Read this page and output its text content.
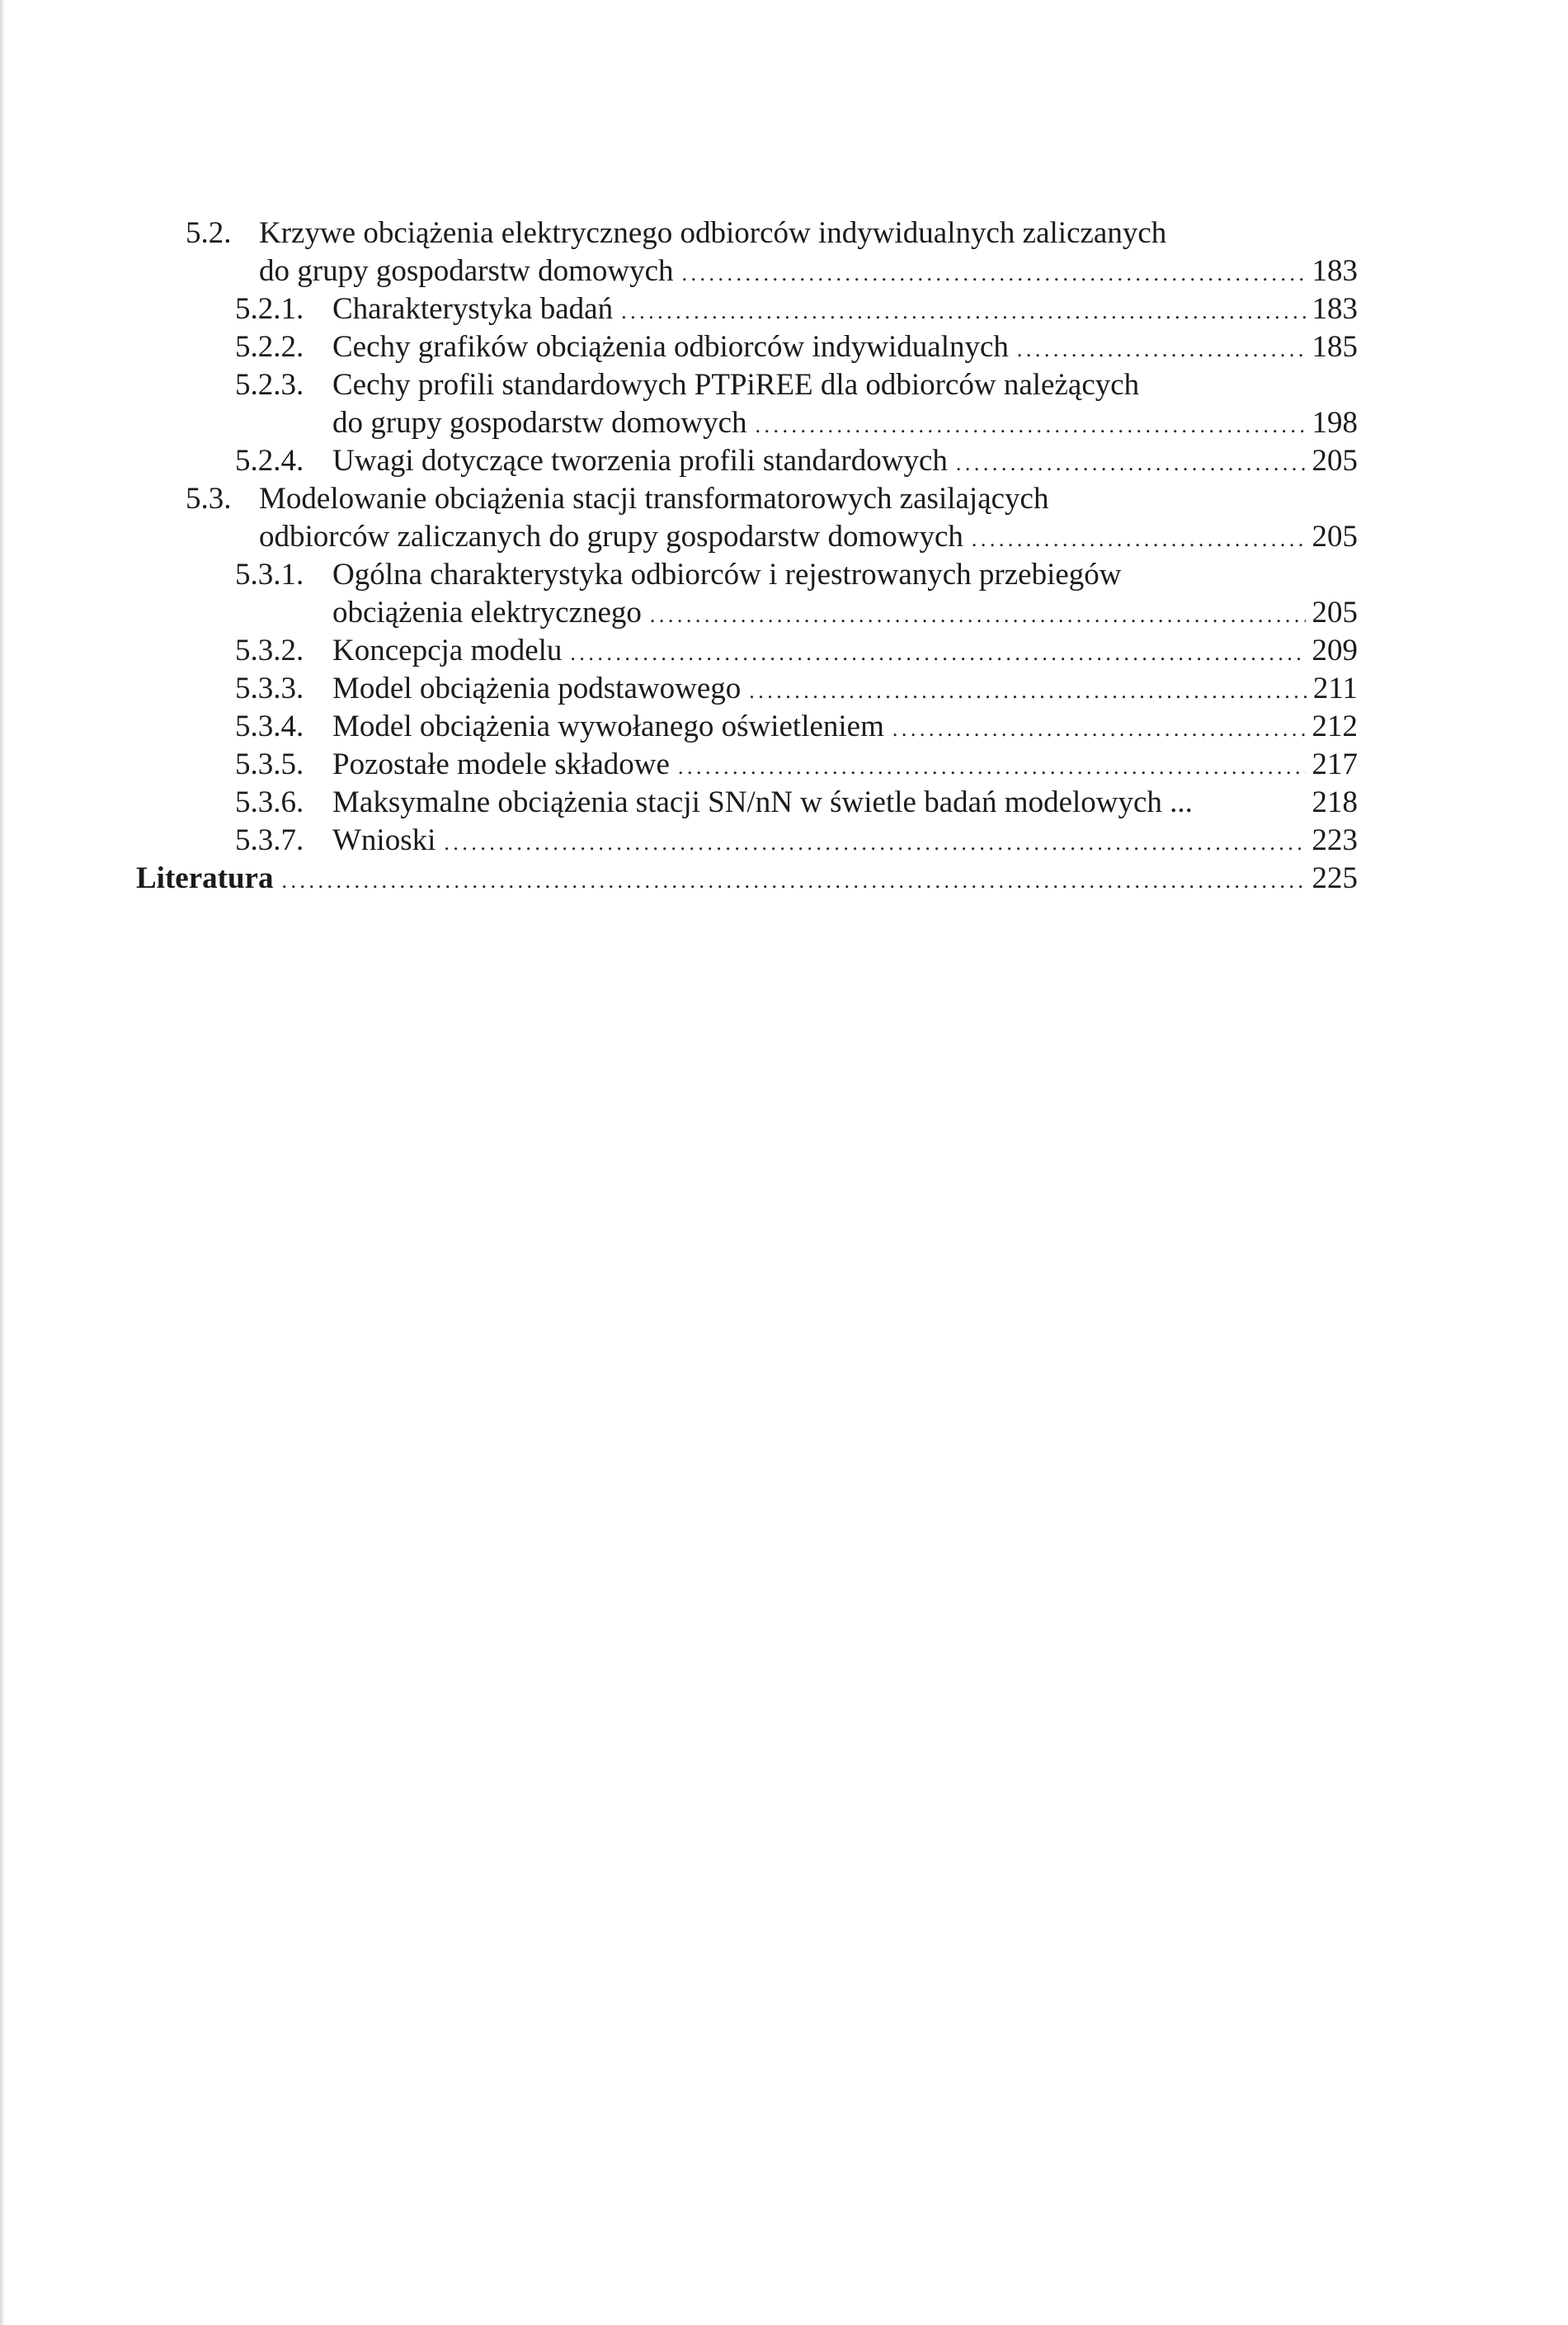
5.2. Krzywe obciążenia elektrycznego odbiorców indywidualnych zaliczanych
do grupy gospodarstw domowych . . .	183
5.2.1. Charakterystyka badań . . .	183
5.2.2. Cechy grafików obciążenia odbiorców indywidualnych . . .	185
5.2.3. Cechy profili standardowych PTPiREE dla odbiorców należących
do grupy gospodarstw domowych . . .	198
5.2.4. Uwagi dotyczące tworzenia profili standardowych . . .	205
5.3. Modelowanie obciążenia stacji transformatorowych zasilających
odbiorców zaliczanych do grupy gospodarstw domowych . . .	205
5.3.1. Ogólna charakterystyka odbiorców i rejestrowanych przebiegów
obciążenia elektrycznego . . .	205
5.3.2. Koncepcja modelu . . .	209
5.3.3. Model obciążenia podstawowego . . .	211
5.3.4. Model obciążenia wywołanego oświetleniem . . .	212
5.3.5. Pozostałe modele składowe . . .	217
5.3.6. Maksymalne obciążenia stacji SN/nN w świetle badań modelowych ...	218
5.3.7. Wnioski . . .	223
Literatura . . .	225
